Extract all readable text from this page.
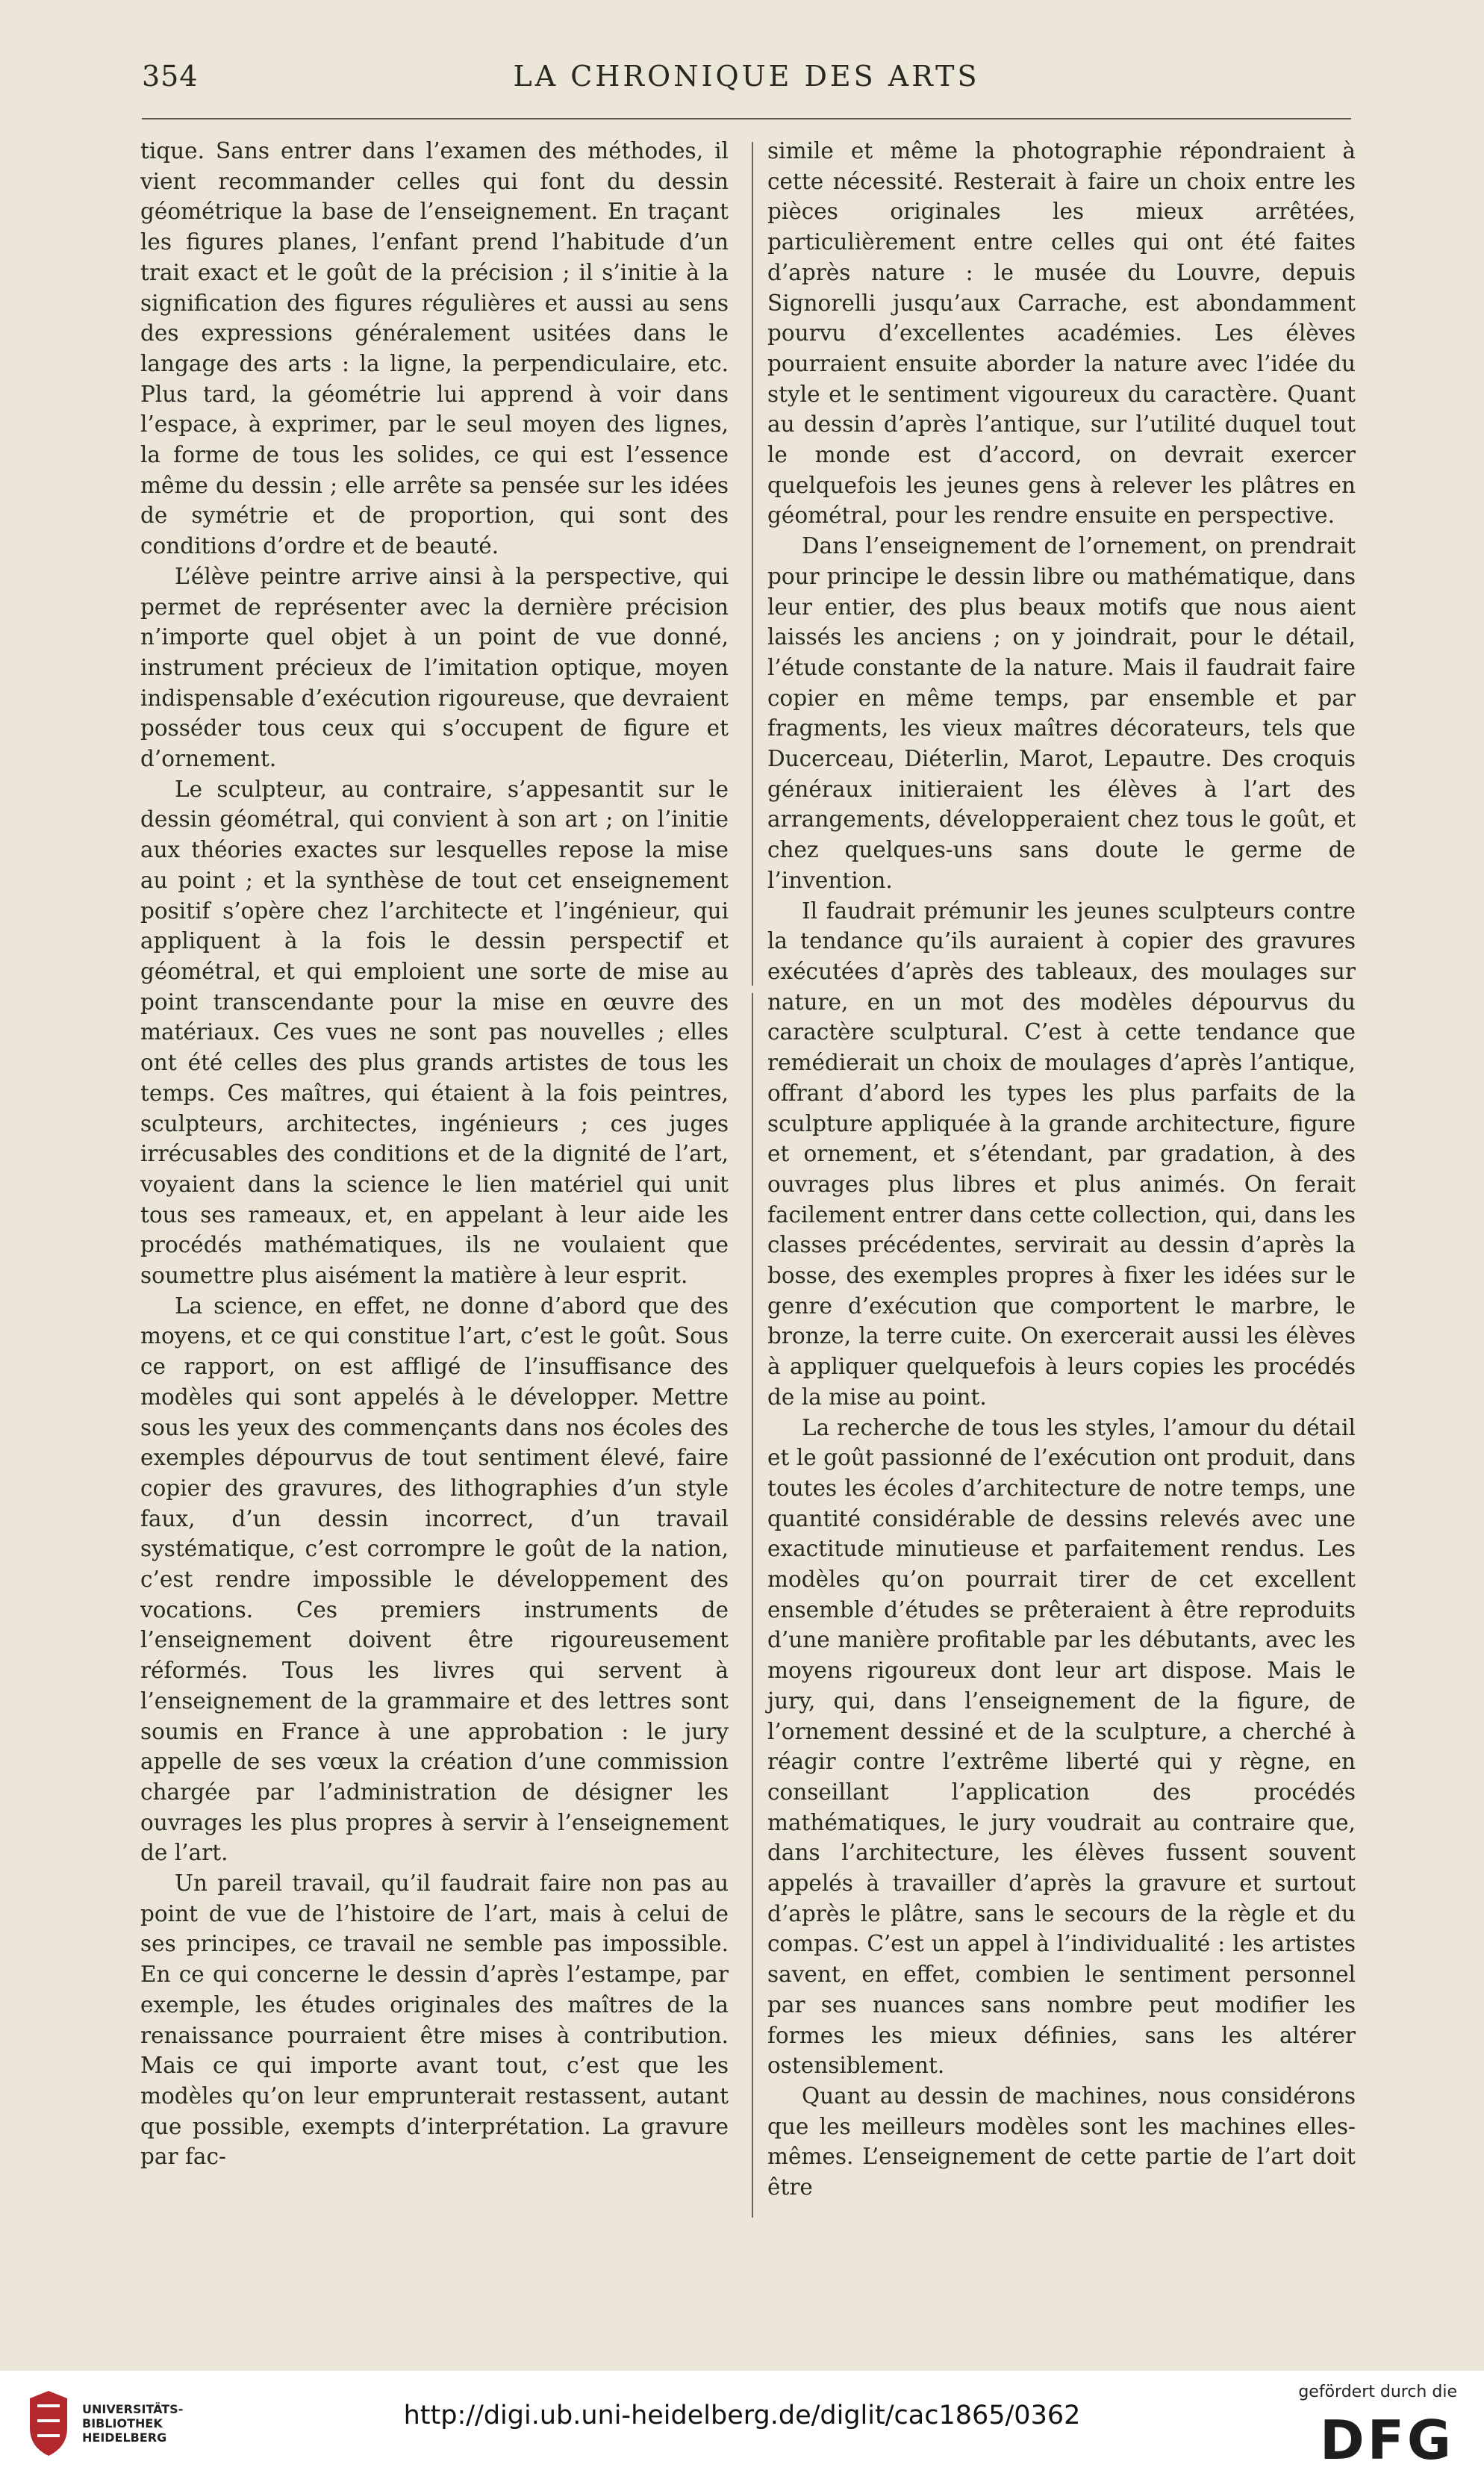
354	LA CHRONIQUE DES ARTS

tique. Sans entrer dans l’examen des méthodes, il vient recommander celles qui font du dessin géométrique la base de l’enseignement. En traçant les figures planes, l’enfant prend l’habitude d’un trait exact et le goût de la précision ; il s’initie à la signification des figures régulières et aussi au sens des expressions généralement usitées dans le langage des arts : la ligne, la perpendiculaire, etc. Plus tard, la géométrie lui apprend à voir dans l’espace, à exprimer, par le seul moyen des lignes, la forme de tous les solides, ce qui est l’essence même du dessin ; elle arrête sa pensée sur les idées de symétrie et de proportion, qui sont des conditions d’ordre et de beauté.

L’élève peintre arrive ainsi à la perspective, qui permet de représenter avec la dernière précision n’importe quel objet à un point de vue donné, instrument précieux de l’imitation optique, moyen indispensable d’exécution rigoureuse, que devraient posséder tous ceux qui s’occupent de figure et d’ornement.

Le sculpteur, au contraire, s’appesantit sur le dessin géométral, qui convient à son art ; on l’initie aux théories exactes sur lesquelles repose la mise au point ; et la synthèse de tout cet enseignement positif s’opère chez l’architecte et l’ingénieur, qui appliquent à la fois le dessin perspectif et géométral, et qui emploient une sorte de mise au point transcendante pour la mise en œuvre des matériaux. Ces vues ne sont pas nouvelles ; elles ont été celles des plus grands artistes de tous les temps. Ces maîtres, qui étaient à la fois peintres, sculpteurs, architectes, ingénieurs ; ces juges irrécusables des conditions et de la dignité de l’art, voyaient dans la science le lien matériel qui unit tous ses rameaux, et, en appelant à leur aide les procédés mathématiques, ils ne voulaient que soumettre plus aisément la matière à leur esprit.

La science, en effet, ne donne d’abord que des moyens, et ce qui constitue l’art, c’est le goût. Sous ce rapport, on est affligé de l’insuffisance des modèles qui sont appelés à le développer. Mettre sous les yeux des commençants dans nos écoles des exemples dépourvus de tout sentiment élevé, faire copier des gravures, des lithographies d’un style faux, d’un dessin incorrect, d’un travail systématique, c’est corrompre le goût de la nation, c’est rendre impossible le développement des vocations. Ces premiers instruments de l’enseignement doivent être rigoureusement réformés. Tous les livres qui servent à l’enseignement de la grammaire et des lettres sont soumis en France à une approbation : le jury appelle de ses vœux la création d’une commission chargée par l’administration de désigner les ouvrages les plus propres à servir à l’enseignement de l’art.

Un pareil travail, qu’il faudrait faire non pas au point de vue de l’histoire de l’art, mais à celui de ses principes, ce travail ne semble pas impossible. En ce qui concerne le dessin d’après l’estampe, par exemple, les études originales des maîtres de la renaissance pourraient être mises à contribution. Mais ce qui importe avant tout, c’est que les modèles qu’on leur emprunterait restassent, autant que possible, exempts d’interprétation. La gravure par fac-

simile et même la photographie répondraient à cette nécessité. Resterait à faire un choix entre les pièces originales les mieux arrêtées, particulièrement entre celles qui ont été faites d’après nature : le musée du Louvre, depuis Signorelli jusqu’aux Carrache, est abondamment pourvu d’excellentes académies. Les élèves pourraient ensuite aborder la nature avec l’idée du style et le sentiment vigoureux du caractère. Quant au dessin d’après l’antique, sur l’utilité duquel tout le monde est d’accord, on devrait exercer quelquefois les jeunes gens à relever les plâtres en géométral, pour les rendre ensuite en perspective.

Dans l’enseignement de l’ornement, on prendrait pour principe le dessin libre ou mathématique, dans leur entier, des plus beaux motifs que nous aient laissés les anciens ; on y joindrait, pour le détail, l’étude constante de la nature. Mais il faudrait faire copier en même temps, par ensemble et par fragments, les vieux maîtres décorateurs, tels que Ducerceau, Diéterlin, Marot, Lepautre. Des croquis généraux initieraient les élèves à l’art des arrangements, développeraient chez tous le goût, et chez quelques-uns sans doute le germe de l’invention.

Il faudrait prémunir les jeunes sculpteurs contre la tendance qu’ils auraient à copier des gravures exécutées d’après des tableaux, des moulages sur nature, en un mot des modèles dépourvus du caractère sculptural. C’est à cette tendance que remédierait un choix de moulages d’après l’antique, offrant d’abord les types les plus parfaits de la sculpture appliquée à la grande architecture, figure et ornement, et s’étendant, par gradation, à des ouvrages plus libres et plus animés. On ferait facilement entrer dans cette collection, qui, dans les classes précédentes, servirait au dessin d’après la bosse, des exemples propres à fixer les idées sur le genre d’exécution que comportent le marbre, le bronze, la terre cuite. On exercerait aussi les élèves à appliquer quelquefois à leurs copies les procédés de la mise au point.

La recherche de tous les styles, l’amour du détail et le goût passionné de l’exécution ont produit, dans toutes les écoles d’architecture de notre temps, une quantité considérable de dessins relevés avec une exactitude minutieuse et parfaitement rendus. Les modèles qu’on pourrait tirer de cet excellent ensemble d’études se prêteraient à être reproduits d’une manière profitable par les débutants, avec les moyens rigoureux dont leur art dispose. Mais le jury, qui, dans l’enseignement de la figure, de l’ornement dessiné et de la sculpture, a cherché à réagir contre l’extrême liberté qui y règne, en conseillant l’application des procédés mathématiques, le jury voudrait au contraire que, dans l’architecture, les élèves fussent souvent appelés à travailler d’après la gravure et surtout d’après le plâtre, sans le secours de la règle et du compas. C’est un appel à l’individualité : les artistes savent, en effet, combien le sentiment personnel par ses nuances sans nombre peut modifier les formes les mieux définies, sans les altérer ostensiblement.

Quant au dessin de machines, nous considérons que les meilleurs modèles sont les machines elles-mêmes. L’enseignement de cette partie de l’art doit être

UNIVERSITÄTS-
BIBLIOTHEK
HEIDELBERG
http://digi.ub.uni-heidelberg.de/diglit/cac1865/0362
gefördert durch die
DFG
